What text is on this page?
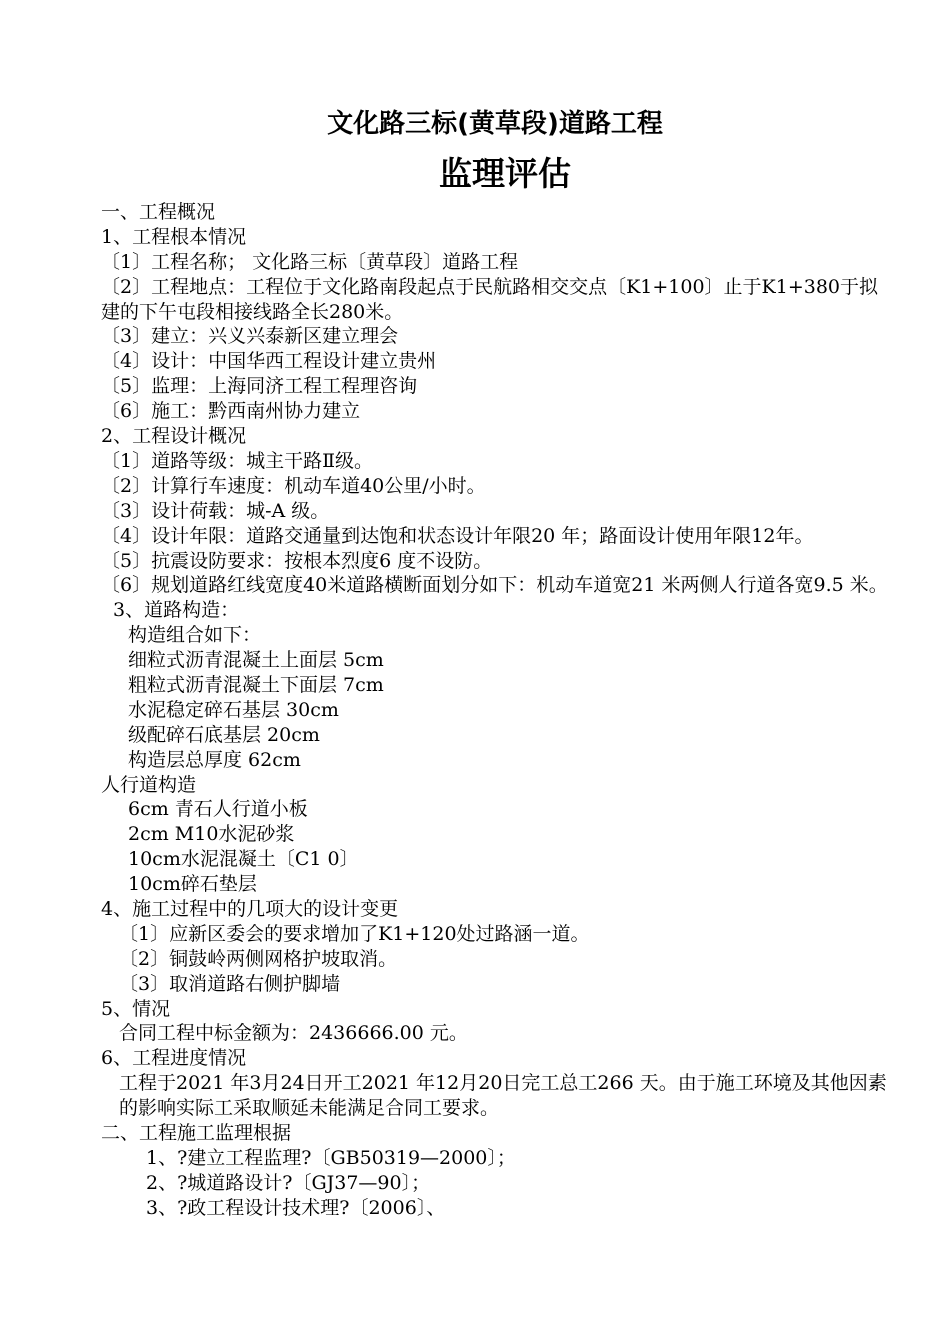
文化路三标(黄草段)道路工程
监理评估
一、工程概况
1、工程根本情况
〔1〕工程名称； 文化路三标〔黄草段〕道路工程
〔2〕工程地点：工程位于文化路南段起点于民航路相交交点〔K1+100〕止于K1+380于拟建的下午屯段相接线路全长280米。
〔3〕建立：兴义兴泰新区建立理会
〔4〕设计：中国华西工程设计建立贵州
〔5〕监理：上海同济工程工程理咨询
〔6〕施工：黔西南州协力建立
2、工程设计概况
〔1〕道路等级：城主干路Ⅱ级。
〔2〕计算行车速度：机动车道40公里/小时。
〔3〕设计荷载：城-A 级。
〔4〕设计年限：道路交通量到达饱和状态设计年限20 年；路面设计使用年限12年。
〔5〕抗震设防要求：按根本烈度6 度不设防。
〔6〕规划道路红线宽度40米道路横断面划分如下：机动车道宽21 米两侧人行道各宽9.5 米。
3、道路构造：
构造组合如下：
细粒式沥青混凝土上面层 5cm
粗粒式沥青混凝土下面层 7cm
水泥稳定碎石基层 30cm
级配碎石底基层 20cm
构造层总厚度 62cm
人行道构造
6cm 青石人行道小板
2cm M10水泥砂浆
10cm水泥混凝土〔C1 0〕
10cm碎石垫层
4、施工过程中的几项大的设计变更
〔1〕应新区委会的要求增加了K1+120处过路涵一道。
〔2〕铜鼓岭两侧网格护坡取消。
〔3〕取消道路右侧护脚墙
5、情况
合同工程中标金额为：2436666.00 元。
6、工程进度情况
工程于2021 年3月24日开工2021 年12月20日完工总工266 天。由于施工环境及其他因素的影响实际工采取顺延未能满足合同工要求。
二、工程施工监理根据
1、?建立工程监理?〔GB50319—2000〕；
2、?城道路设计?〔GJ37—90〕；
3、?政工程设计技术理?〔2006〕、
